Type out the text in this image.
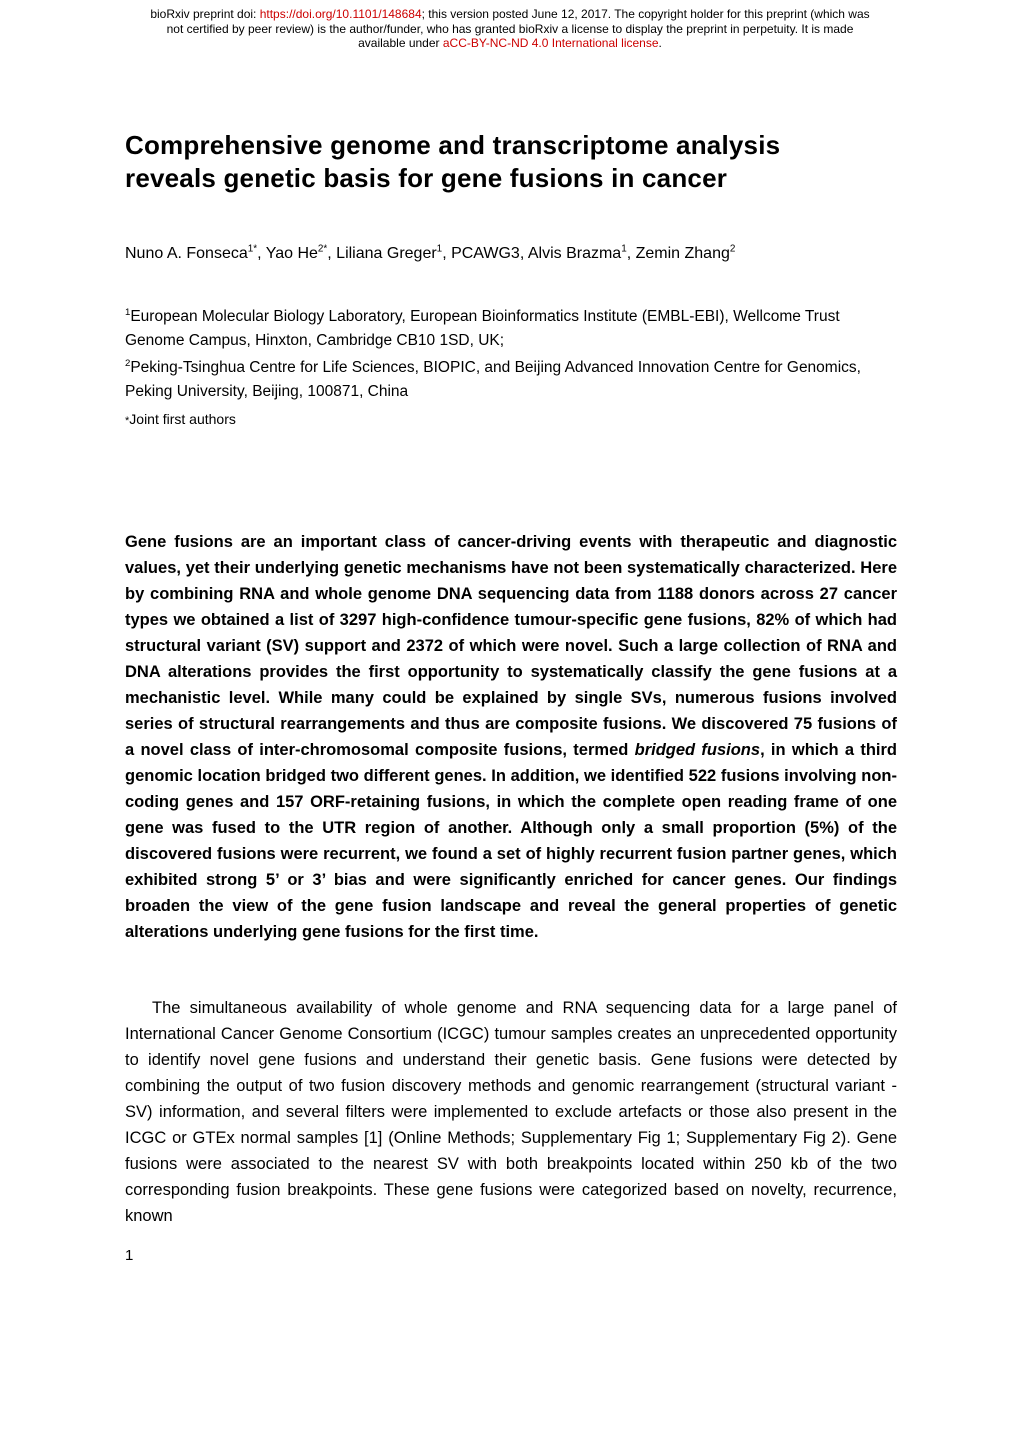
bioRxiv preprint doi: https://doi.org/10.1101/148684; this version posted June 12, 2017. The copyright holder for this preprint (which was
not certified by peer review) is the author/funder, who has granted bioRxiv a license to display the preprint in perpetuity. It is made
available under aCC-BY-NC-ND 4.0 International license.
Comprehensive genome and transcriptome analysis
reveals genetic basis for gene fusions in cancer

Nuno A. Fonseca$^{1*}$, Yao $He^{2*}$, Liliana Greger$^1$, PCAWG3, Alvis Brazma$^1$, Zemin Zhang$^2$

$^1$European Molecular Biology Laboratory, European Bioinformatics Institute (EMBL-EBI), Wellcome Trust Genome Campus, Hinxton, Cambridge CB10 1SD, UK;

$^2$Peking-Tsinghua Centre for Life Sciences, BIOPIC, and Beijing Advanced Innovation Centre for Genomics, Peking University, Beijing, 100871, China

*Joint first authors

Gene fusions are an important class of cancer-driving events with therapeutic and diagnostic values, yet their underlying genetic mechanisms have not been systematically characterized. Here by combining RNA and whole genome DNA sequencing data from 1188 donors across 27 cancer types we obtained a list of 3297 high-confidence tumour-specific gene fusions, 82% of which had structural variant (SV) support and 2372 of which were novel. Such a large collection of RNA and DNA alterations provides the first opportunity to systematically classify the gene fusions at a mechanistic level. While many could be explained by single SVs, numerous fusions involved series of structural rearrangements and thus are composite fusions. We discovered 75 fusions of a novel class of inter-chromosomal composite fusions, termed bridged fusions, in which a third genomic location bridged two different genes. In addition, we identified 522 fusions involving non-coding genes and 157 ORF-retaining fusions, in which the complete open reading frame of one gene was fused to the UTR region of another. Although only a small proportion (5%) of the discovered fusions were recurrent, we found a set of highly recurrent fusion partner genes, which exhibited strong 5’ or 3’ bias and were significantly enriched for cancer genes. Our findings broaden the view of the gene fusion landscape and reveal the general properties of genetic alterations underlying gene fusions for the first time.

The simultaneous availability of whole genome and RNA sequencing data for a large panel of International Cancer Genome Consortium (ICGC) tumour samples creates an unprecedented opportunity to identify novel gene fusions and understand their genetic basis. Gene fusions were detected by combining the output of two fusion discovery methods and genomic rearrangement (structural variant - SV) information, and several filters were implemented to exclude artefacts or those also present in the ICGC or GTEx normal samples [1] (Online Methods; Supplementary Fig 1; Supplementary Fig 2). Gene fusions were associated to the nearest SV with both breakpoints located within 250 kb of the two corresponding fusion breakpoints. These gene fusions were categorized based on novelty, recurrence, known

1
